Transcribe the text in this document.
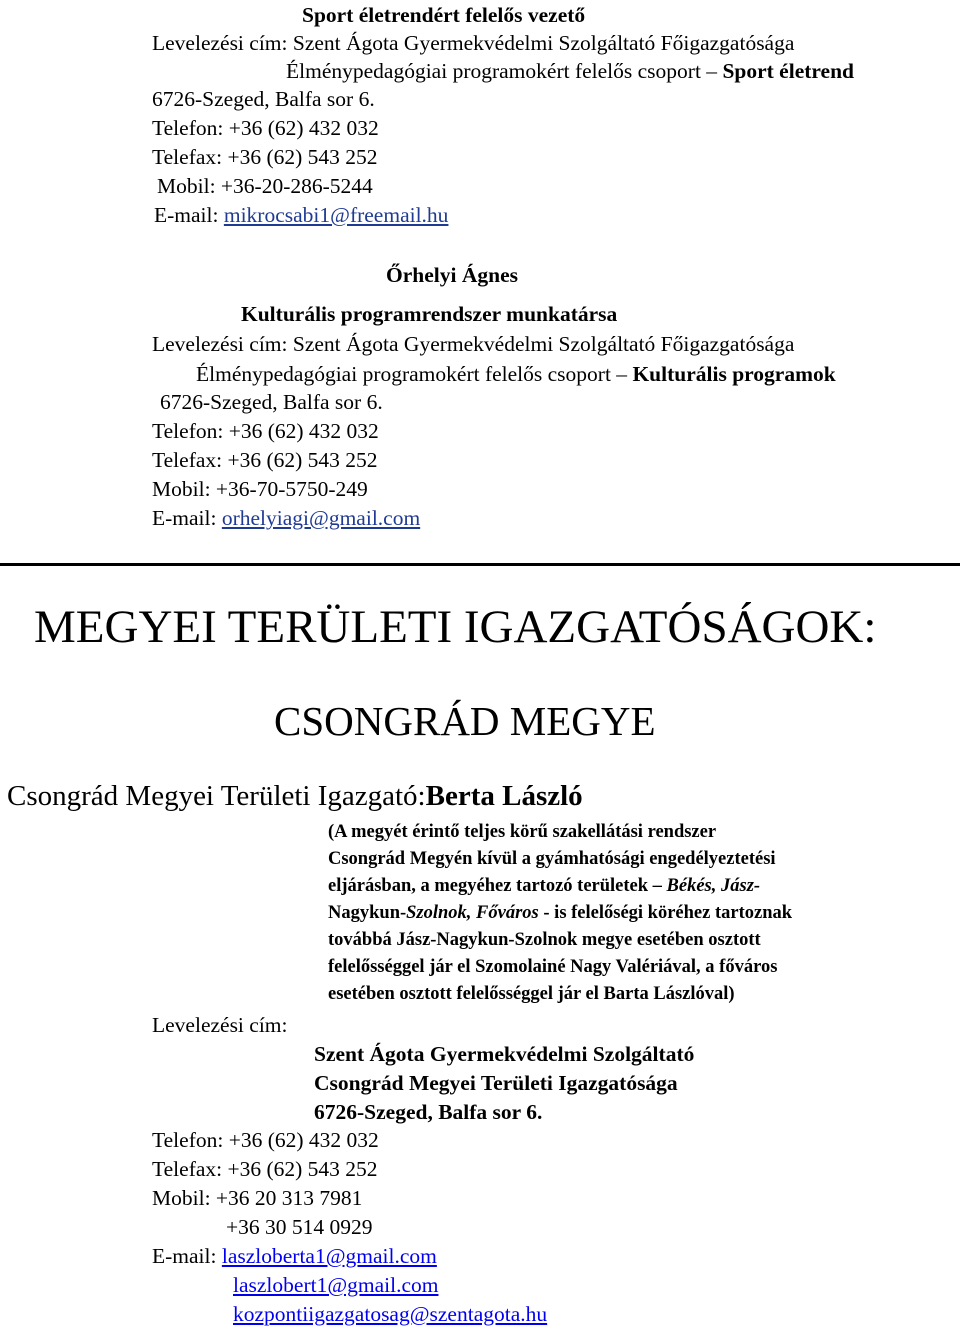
Sport életrendért felelős vezető
Levelezési cím: Szent Ágota Gyermekvédelmi Szolgáltató Főigazgatósága
Élménypedagógiai programokért felelős csoport – Sport életrend
6726-Szeged, Balfa sor 6.
Telefon: +36 (62) 432 032
Telefax: +36 (62) 543 252
Mobil: +36-20-286-5244
E-mail: mikrocsabi1@freemail.hu
Őrhelyi Ágnes
Kulturális programrendszer munkatársa
Levelezési cím: Szent Ágota Gyermekvédelmi Szolgáltató Főigazgatósága
Élménypedagógiai programokért felelős csoport – Kulturális programok
6726-Szeged, Balfa sor 6.
Telefon: +36 (62) 432 032
Telefax: +36 (62) 543 252
Mobil: +36-70-5750-249
E-mail: orhelyiagi@gmail.com
MEGYEI TERÜLETI IGAZGATÓSÁGOK:
CSONGRÁD MEGYE
Csongrád Megyei Területi Igazgató:Berta László
(A megyét érintő teljes körű szakellátási rendszer
Csongrád Megyén kívül a gyámhatósági engedélyeztetési
eljárásban, a megyéhez tartozó területek – Békés, Jász-
Nagykun-Szolnok, Főváros - is felelőségi köréhez tartoznak
továbbá Jász-Nagykun-Szolnok megye esetében osztott
felelősséggel jár el Szomolainé Nagy Valériával, a főváros
esetében osztott felelősséggel jár el Barta Lászlóval)
Levelezési cím:
Szent Ágota Gyermekvédelmi Szolgáltató
Csongrád Megyei Területi Igazgatósága
6726-Szeged, Balfa sor 6.
Telefon: +36 (62) 432 032
Telefax: +36 (62) 543 252
Mobil: +36 20 313 7981
+36 30 514 0929
E-mail: laszloberta1@gmail.com
laszlobert1@gmail.com
kozpontiigazgatosag@szentagota.hu
